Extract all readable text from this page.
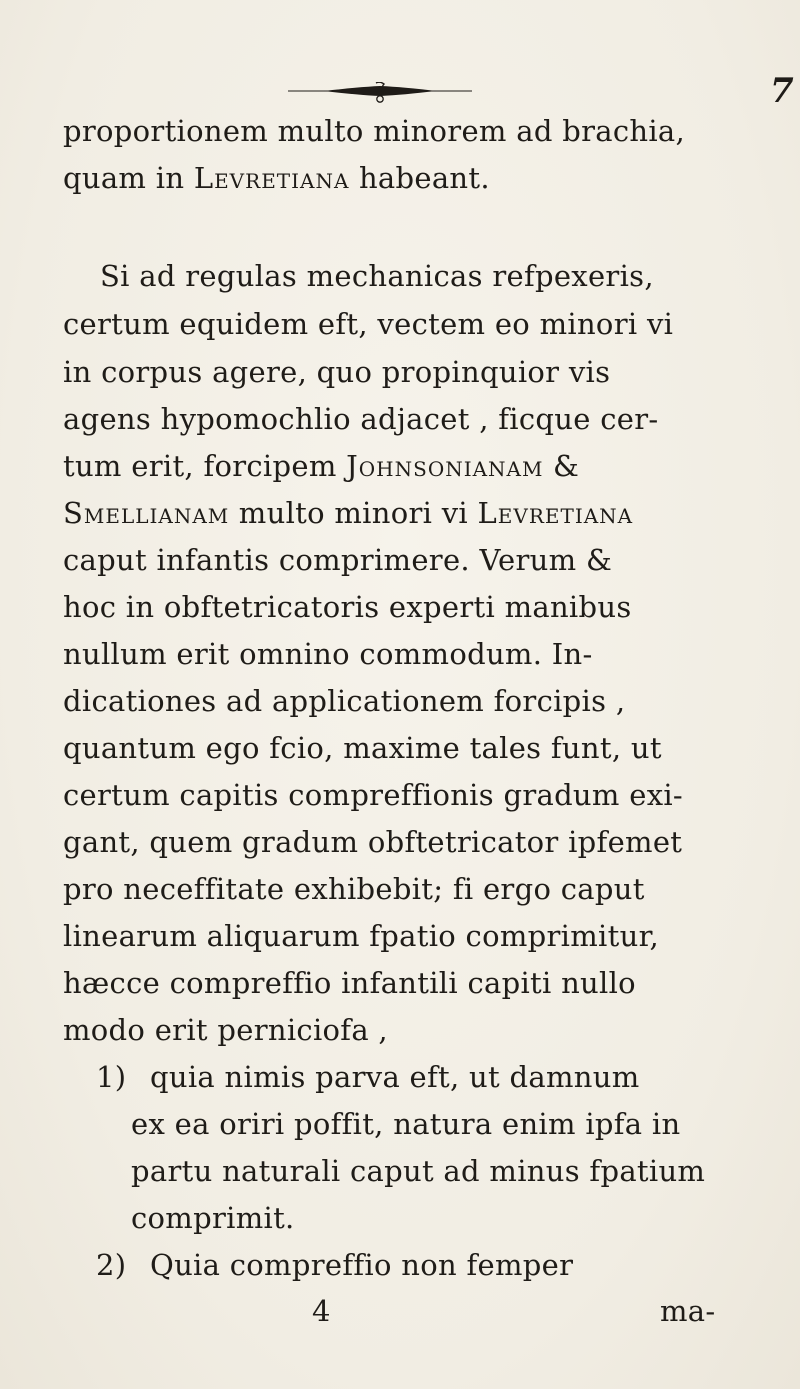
7
proportionem multo minorem ad brachia,
quam in Levretiana habeant.
Si ad regulas mechanicas refpexeris,
certum equidem eft, vectem eo minori vi
in corpus agere, quo propinquior vis
agens hypomochlio adjacet , ficque cer-
tum erit, forcipem Johnsonianam &
Smellianam multo minori vi Levretiana
caput infantis comprimere. Verum &
hoc in obftetricatoris experti manibus
nullum erit omnino commodum. In-
dicationes ad applicationem forcipis ,
quantum ego fcio, maxime tales funt, ut
certum capitis compreffionis gradum exi-
gant, quem gradum obftetricator ipfemet
pro neceffitate exhibebit; fi ergo caput
linearum aliquarum fpatio comprimitur,
hæcce compreffio infantili capiti nullo
modo erit perniciofa ,
1) quia nimis parva eft, ut damnum
ex ea oriri poffit, natura enim ipfa in
partu naturali caput ad minus fpatium
comprimit.
2) Quia compreffio non femper
4	ma-
